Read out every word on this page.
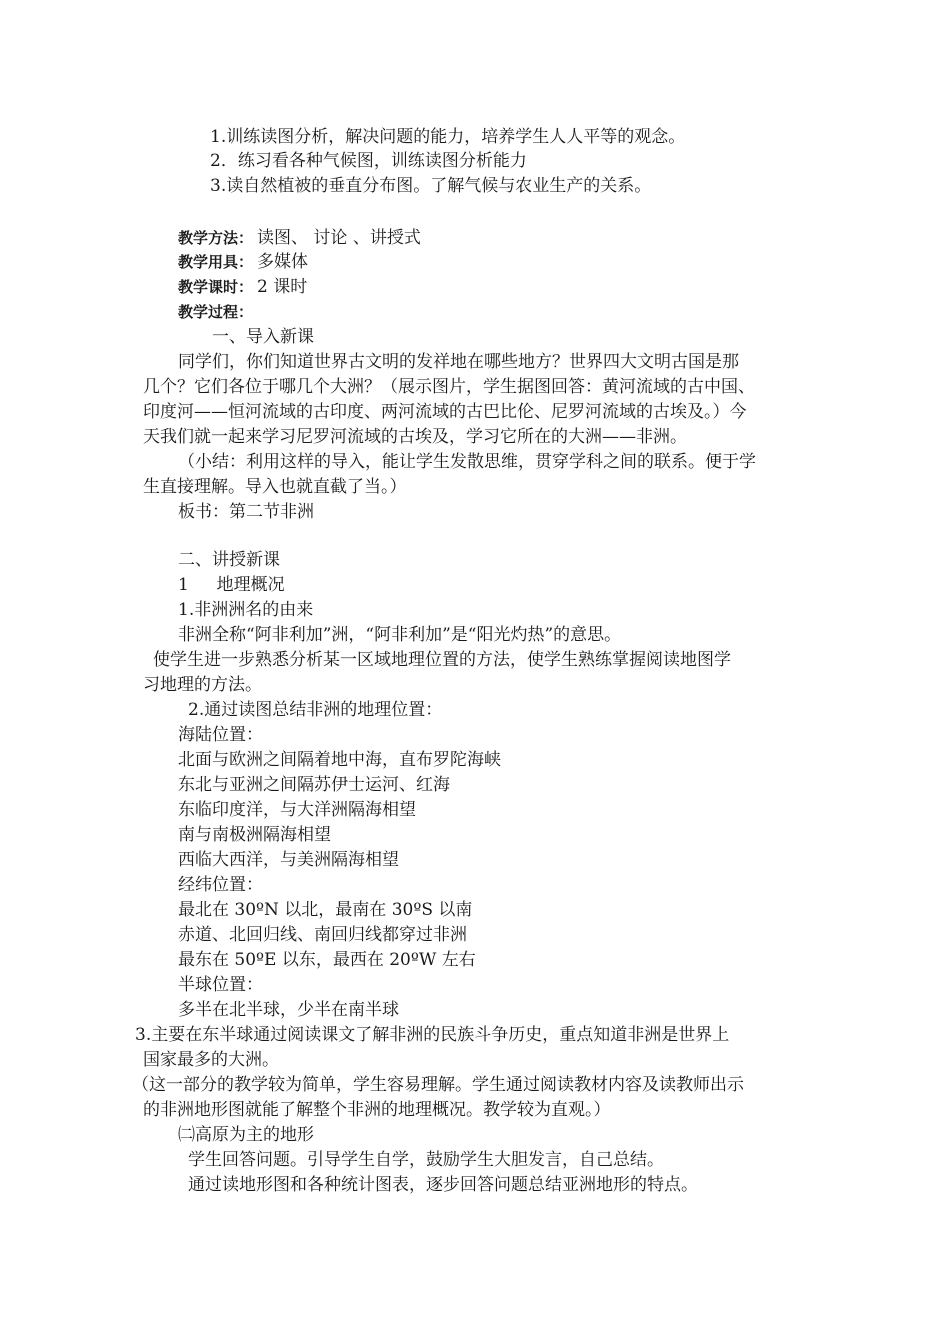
1.训练读图分析，解决问题的能力，培养学生人人平等的观念。
2．练习看各种气候图，训练读图分析能力
3.读自然植被的垂直分布图。了解气候与农业生产的关系。
教学方法： 读图、 讨论 、讲授式
教学用具： 多媒体
教学课时： 2 课时
教学过程：
一、导入新课
同学们，你们知道世界古文明的发祥地在哪些地方？世界四大文明古国是那
几个？它们各位于哪几个大洲？（展示图片，学生据图回答：黄河流域的古中国、
印度河——恒河流域的古印度、两河流域的古巴比伦、尼罗河流域的古埃及。）今
天我们就一起来学习尼罗河流域的古埃及，学习它所在的大洲——非洲。
（小结：利用这样的导入，能让学生发散思维，贯穿学科之间的联系。便于学
生直接理解。导入也就直截了当。）
板书：第二节非洲
二、讲授新课
1 　 地理概况
1.非洲洲名的由来
非洲全称“阿非利加”洲，“阿非利加”是“阳光灼热”的意思。
使学生进一步熟悉分析某一区域地理位置的方法，使学生熟练掌握阅读地图学
习地理的方法。
2.通过读图总结非洲的地理位置：
海陆位置：
北面与欧洲之间隔着地中海，直布罗陀海峡
东北与亚洲之间隔苏伊士运河、红海
东临印度洋，与大洋洲隔海相望
南与南极洲隔海相望
西临大西洋，与美洲隔海相望
经纬位置：
最北在 30ºN 以北，最南在 30ºS 以南
赤道、北回归线、南回归线都穿过非洲
最东在 50ºE 以东，最西在 20ºW 左右
半球位置：
多半在北半球，少半在南半球
3.主要在东半球通过阅读课文了解非洲的民族斗争历史，重点知道非洲是世界上
国家最多的大洲。
（这一部分的教学较为简单，学生容易理解。学生通过阅读教材内容及读教师出示
的非洲地形图就能了解整个非洲的地理概况。教学较为直观。）
㈡高原为主的地形
学生回答问题。引导学生自学，鼓励学生大胆发言，自己总结。
通过读地形图和各种统计图表，逐步回答问题总结亚洲地形的特点。
